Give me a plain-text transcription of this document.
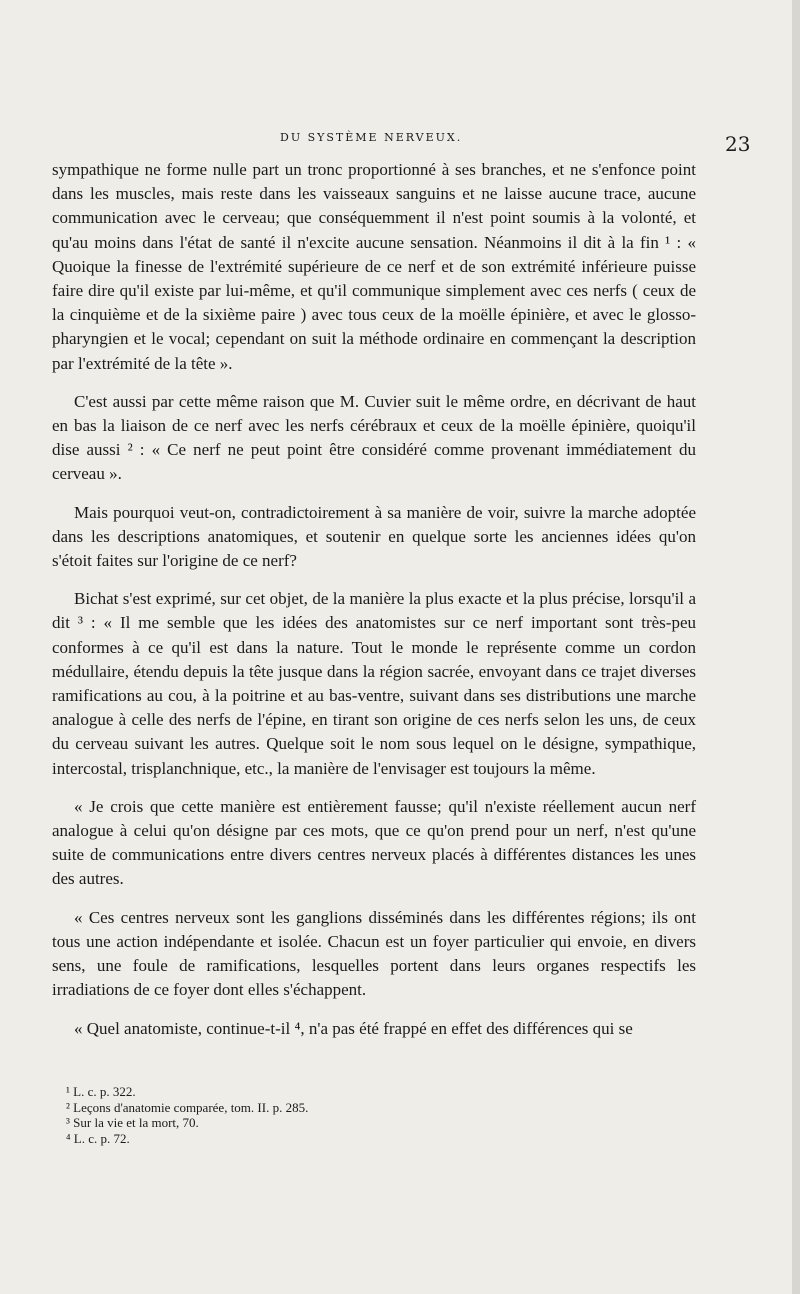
DU SYSTÈME NERVEUX.	23

sympathique ne forme nulle part un tronc proportionné à ses branches, et ne s'enfonce point dans les muscles, mais reste dans les vaisseaux sanguins et ne laisse aucune trace, aucune communication avec le cerveau; que conséquemment il n'est point soumis à la volonté, et qu'au moins dans l'état de santé il n'excite aucune sensation. Néanmoins il dit à la fin ¹ : « Quoique la finesse de l'extrémité supérieure de ce nerf et de son extrémité inférieure puisse faire dire qu'il existe par lui-même, et qu'il communique simplement avec ces nerfs ( ceux de la cinquième et de la sixième paire ) avec tous ceux de la moëlle épinière, et avec le glosso-pharyngien et le vocal; cependant on suit la méthode ordinaire en commençant la description par l'extrémité de la tête ».

C'est aussi par cette même raison que M. Cuvier suit le même ordre, en décrivant de haut en bas la liaison de ce nerf avec les nerfs cérébraux et ceux de la moëlle épinière, quoiqu'il dise aussi ² : « Ce nerf ne peut point être considéré comme provenant immédiatement du cerveau ».

Mais pourquoi veut-on, contradictoirement à sa manière de voir, suivre la marche adoptée dans les descriptions anatomiques, et soutenir en quelque sorte les anciennes idées qu'on s'étoit faites sur l'origine de ce nerf?

Bichat s'est exprimé, sur cet objet, de la manière la plus exacte et la plus précise, lorsqu'il a dit ³ : « Il me semble que les idées des anatomistes sur ce nerf important sont très-peu conformes à ce qu'il est dans la nature. Tout le monde le représente comme un cordon médullaire, étendu depuis la tête jusque dans la région sacrée, envoyant dans ce trajet diverses ramifications au cou, à la poitrine et au bas-ventre, suivant dans ses distributions une marche analogue à celle des nerfs de l'épine, en tirant son origine de ces nerfs selon les uns, de ceux du cerveau suivant les autres. Quelque soit le nom sous lequel on le désigne, sympathique, intercostal, trisplanchnique, etc., la manière de l'envisager est toujours la même.

« Je crois que cette manière est entièrement fausse; qu'il n'existe réellement aucun nerf analogue à celui qu'on désigne par ces mots, que ce qu'on prend pour un nerf, n'est qu'une suite de communications entre divers centres nerveux placés à différentes distances les unes des autres.

« Ces centres nerveux sont les ganglions disséminés dans les différentes régions; ils ont tous une action indépendante et isolée. Chacun est un foyer particulier qui envoie, en divers sens, une foule de ramifications, lesquelles portent dans leurs organes respectifs les irradiations de ce foyer dont elles s'échappent.

« Quel anatomiste, continue-t-il ⁴, n'a pas été frappé en effet des différences qui se

¹ L. c. p. 322.

² Leçons d'anatomie comparée, tom. II. p. 285.

³ Sur la vie et la mort, 70.

⁴ L. c. p. 72.
